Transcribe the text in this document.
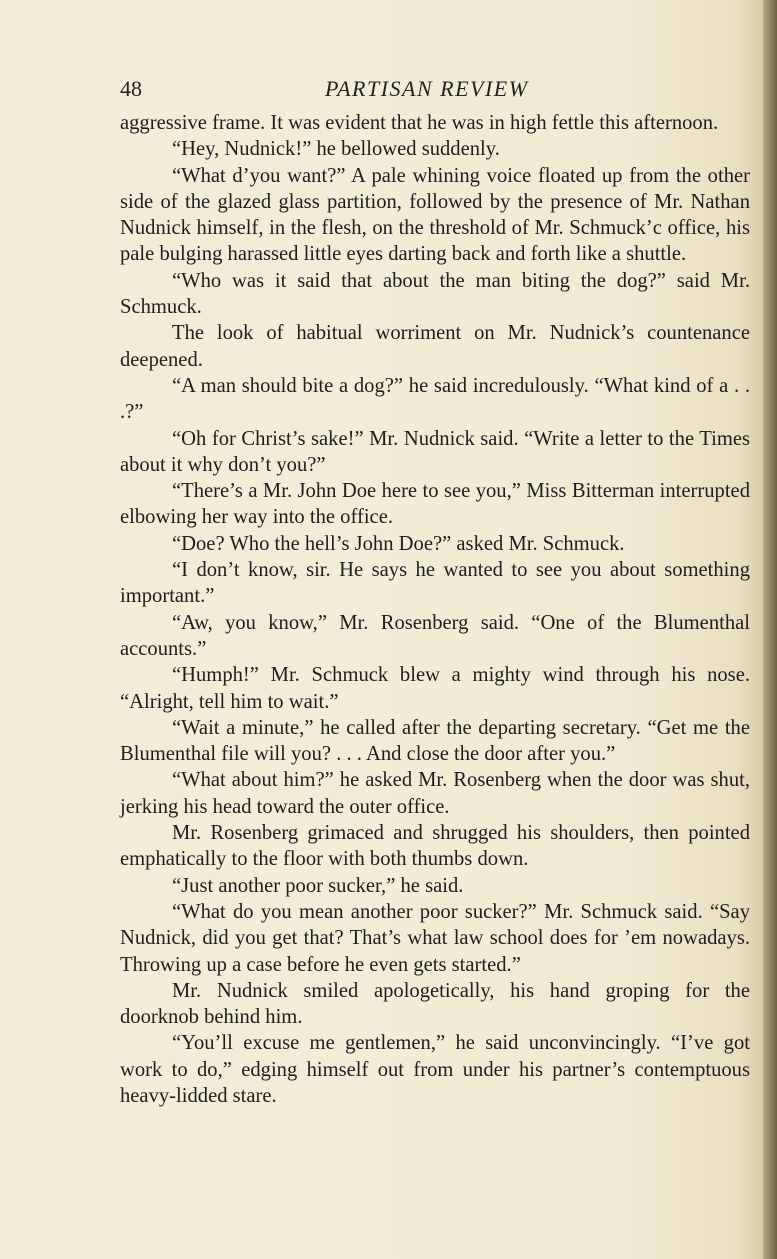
48	PARTISAN REVIEW

aggressive frame. It was evident that he was in high fettle this afternoon.

“Hey, Nudnick!” he bellowed suddenly.

“What d’you want?” A pale whining voice floated up from the other side of the glazed glass partition, followed by the presence of Mr. Nathan Nudnick himself, in the flesh, on the threshold of Mr. Schmuck’c office, his pale bulging harassed little eyes darting back and forth like a shuttle.

“Who was it said that about the man biting the dog?” said Mr. Schmuck.

The look of habitual worriment on Mr. Nudnick’s countenance deepened.

“A man should bite a dog?” he said incredulously. “What kind of a . . .?”

“Oh for Christ’s sake!” Mr. Nudnick said. “Write a letter to the Times about it why don’t you?”

“There’s a Mr. John Doe here to see you,” Miss Bitterman interrupted elbowing her way into the office.

“Doe? Who the hell’s John Doe?” asked Mr. Schmuck.

“I don’t know, sir. He says he wanted to see you about something important.”

“Aw, you know,” Mr. Rosenberg said. “One of the Blumenthal accounts.”

“Humph!” Mr. Schmuck blew a mighty wind through his nose. “Alright, tell him to wait.”

“Wait a minute,” he called after the departing secretary. “Get me the Blumenthal file will you? . . . And close the door after you.”

“What about him?” he asked Mr. Rosenberg when the door was shut, jerking his head toward the outer office.

Mr. Rosenberg grimaced and shrugged his shoulders, then pointed emphatically to the floor with both thumbs down.

“Just another poor sucker,” he said.

“What do you mean another poor sucker?” Mr. Schmuck said. “Say Nudnick, did you get that? That’s what law school does for ’em nowadays. Throwing up a case before he even gets started.”

Mr. Nudnick smiled apologetically, his hand groping for the doorknob behind him.

“You’ll excuse me gentlemen,” he said unconvincingly. “I’ve got work to do,” edging himself out from under his partner’s contemptuous heavy-lidded stare.
